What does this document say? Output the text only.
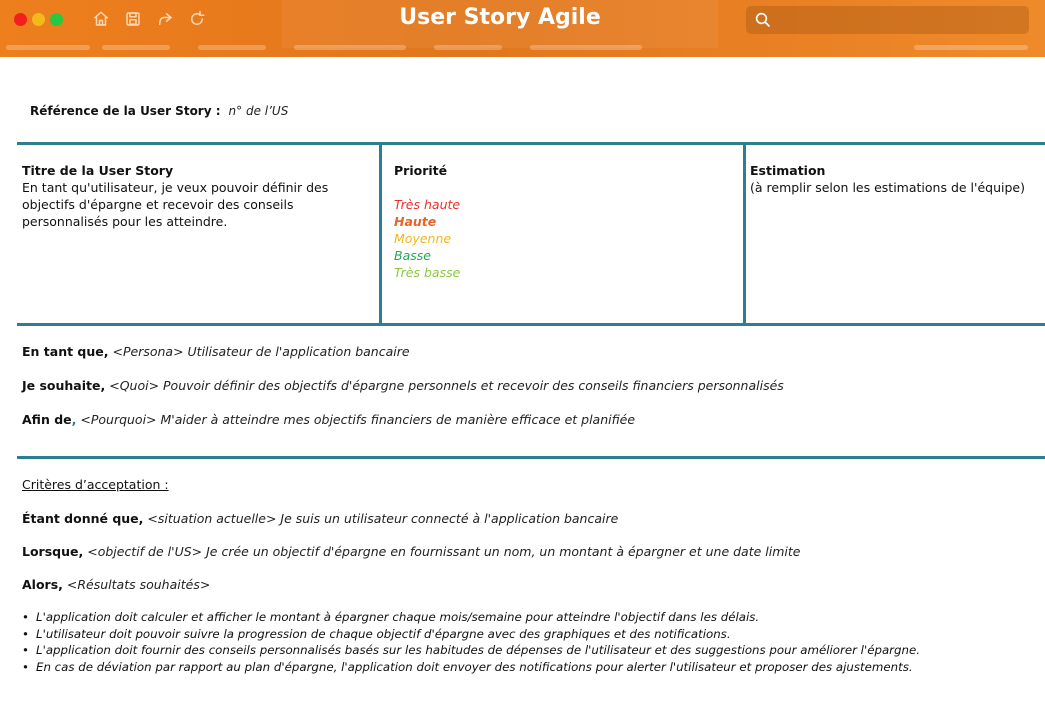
User Story Agile
Référence de la User Story : n° de l’US
Titre de la User Story
En tant qu'utilisateur, je veux pouvoir définir des objectifs d'épargne et recevoir des conseils personnalisés pour les atteindre.
Priorité
Très haute
Haute
Moyenne
Basse
Très basse
Estimation
(à remplir selon les estimations de l'équipe)
En tant que, <Persona> Utilisateur de l'application bancaire
Je souhaite, <Quoi> Pouvoir définir des objectifs d'épargne personnels et recevoir des conseils financiers personnalisés
Afin de, <Pourquoi> M'aider à atteindre mes objectifs financiers de manière efficace et planifiée
Critères d’acceptation :
Étant donné que, <situation actuelle> Je suis un utilisateur connecté à l'application bancaire
Lorsque, <objectif de l'US> Je crée un objectif d'épargne en fournissant un nom, un montant à épargner et une date limite
Alors, <Résultats souhaités>
• L'application doit calculer et afficher le montant à épargner chaque mois/semaine pour atteindre l'objectif dans les délais.
• L'utilisateur doit pouvoir suivre la progression de chaque objectif d'épargne avec des graphiques et des notifications.
• L'application doit fournir des conseils personnalisés basés sur les habitudes de dépenses de l'utilisateur et des suggestions pour améliorer l'épargne.
• En cas de déviation par rapport au plan d'épargne, l'application doit envoyer des notifications pour alerter l'utilisateur et proposer des ajustements.
